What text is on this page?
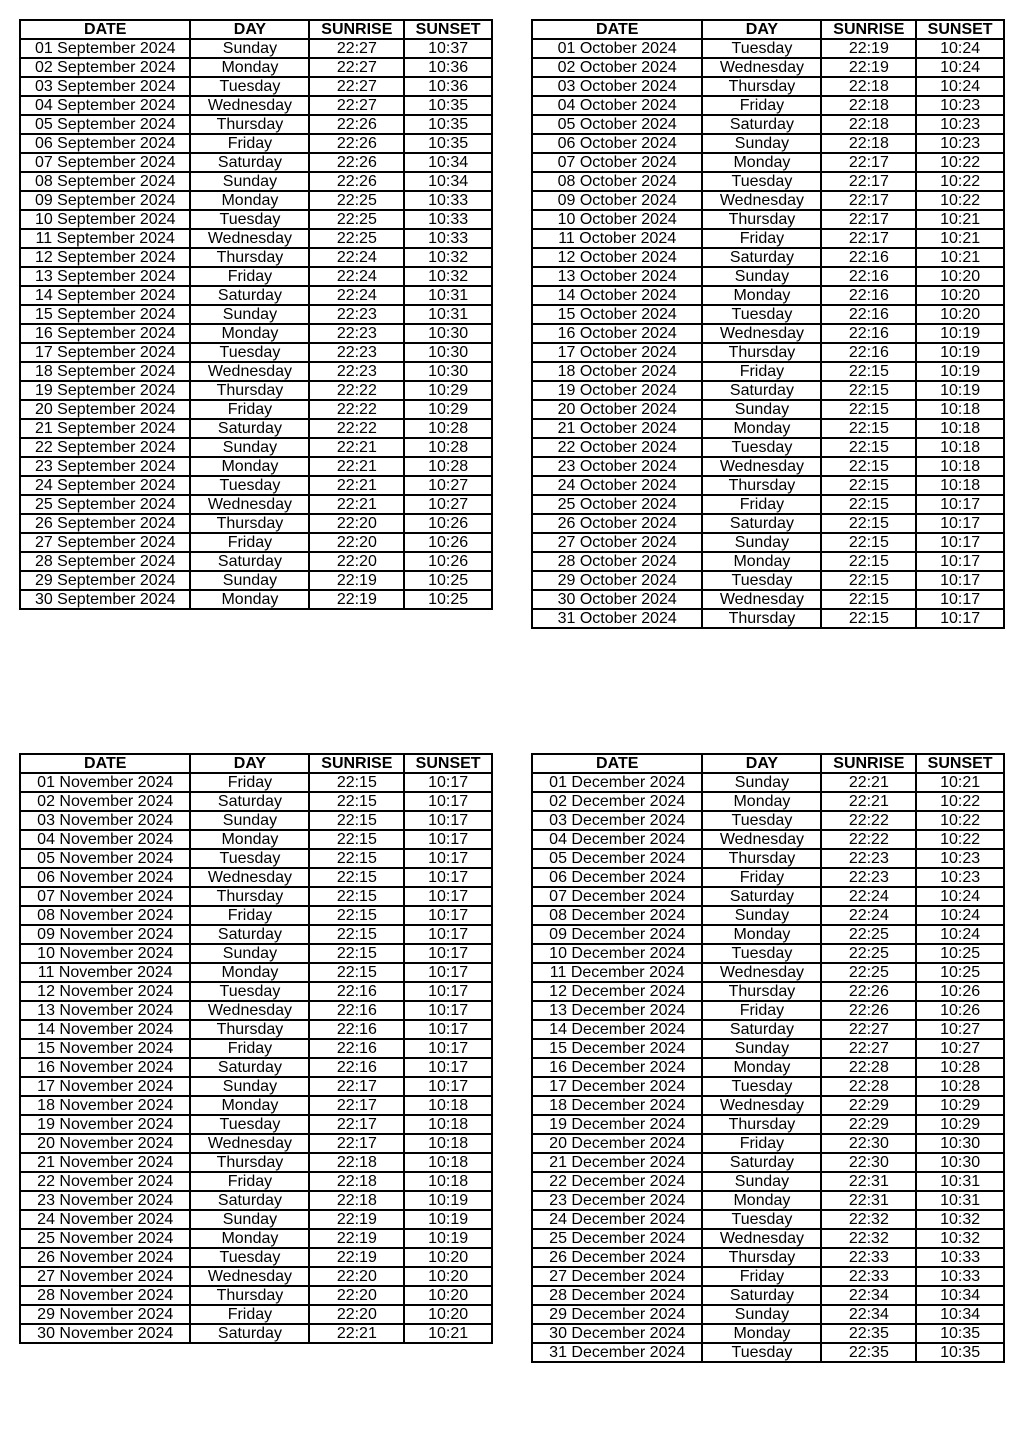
DATE	DAY	SUNRISE	SUNSET
01 September 2024	Sunday	22:27	10:37
02 September 2024	Monday	22:27	10:36
03 September 2024	Tuesday	22:27	10:36
04 September 2024	Wednesday	22:27	10:35
05 September 2024	Thursday	22:26	10:35
06 September 2024	Friday	22:26	10:35
07 September 2024	Saturday	22:26	10:34
08 September 2024	Sunday	22:26	10:34
09 September 2024	Monday	22:25	10:33
10 September 2024	Tuesday	22:25	10:33
11 September 2024	Wednesday	22:25	10:33
12 September 2024	Thursday	22:24	10:32
13 September 2024	Friday	22:24	10:32
14 September 2024	Saturday	22:24	10:31
15 September 2024	Sunday	22:23	10:31
16 September 2024	Monday	22:23	10:30
17 September 2024	Tuesday	22:23	10:30
18 September 2024	Wednesday	22:23	10:30
19 September 2024	Thursday	22:22	10:29
20 September 2024	Friday	22:22	10:29
21 September 2024	Saturday	22:22	10:28
22 September 2024	Sunday	22:21	10:28
23 September 2024	Monday	22:21	10:28
24 September 2024	Tuesday	22:21	10:27
25 September 2024	Wednesday	22:21	10:27
26 September 2024	Thursday	22:20	10:26
27 September 2024	Friday	22:20	10:26
28 September 2024	Saturday	22:20	10:26
29 September 2024	Sunday	22:19	10:25
30 September 2024	Monday	22:19	10:25
DATE	DAY	SUNRISE	SUNSET
01 October 2024	Tuesday	22:19	10:24
02 October 2024	Wednesday	22:19	10:24
03 October 2024	Thursday	22:18	10:24
04 October 2024	Friday	22:18	10:23
05 October 2024	Saturday	22:18	10:23
06 October 2024	Sunday	22:18	10:23
07 October 2024	Monday	22:17	10:22
08 October 2024	Tuesday	22:17	10:22
09 October 2024	Wednesday	22:17	10:22
10 October 2024	Thursday	22:17	10:21
11 October 2024	Friday	22:17	10:21
12 October 2024	Saturday	22:16	10:21
13 October 2024	Sunday	22:16	10:20
14 October 2024	Monday	22:16	10:20
15 October 2024	Tuesday	22:16	10:20
16 October 2024	Wednesday	22:16	10:19
17 October 2024	Thursday	22:16	10:19
18 October 2024	Friday	22:15	10:19
19 October 2024	Saturday	22:15	10:19
20 October 2024	Sunday	22:15	10:18
21 October 2024	Monday	22:15	10:18
22 October 2024	Tuesday	22:15	10:18
23 October 2024	Wednesday	22:15	10:18
24 October 2024	Thursday	22:15	10:18
25 October 2024	Friday	22:15	10:17
26 October 2024	Saturday	22:15	10:17
27 October 2024	Sunday	22:15	10:17
28 October 2024	Monday	22:15	10:17
29 October 2024	Tuesday	22:15	10:17
30 October 2024	Wednesday	22:15	10:17
31 October 2024	Thursday	22:15	10:17
DATE	DAY	SUNRISE	SUNSET
01 November 2024	Friday	22:15	10:17
02 November 2024	Saturday	22:15	10:17
03 November 2024	Sunday	22:15	10:17
04 November 2024	Monday	22:15	10:17
05 November 2024	Tuesday	22:15	10:17
06 November 2024	Wednesday	22:15	10:17
07 November 2024	Thursday	22:15	10:17
08 November 2024	Friday	22:15	10:17
09 November 2024	Saturday	22:15	10:17
10 November 2024	Sunday	22:15	10:17
11 November 2024	Monday	22:15	10:17
12 November 2024	Tuesday	22:16	10:17
13 November 2024	Wednesday	22:16	10:17
14 November 2024	Thursday	22:16	10:17
15 November 2024	Friday	22:16	10:17
16 November 2024	Saturday	22:16	10:17
17 November 2024	Sunday	22:17	10:17
18 November 2024	Monday	22:17	10:18
19 November 2024	Tuesday	22:17	10:18
20 November 2024	Wednesday	22:17	10:18
21 November 2024	Thursday	22:18	10:18
22 November 2024	Friday	22:18	10:18
23 November 2024	Saturday	22:18	10:19
24 November 2024	Sunday	22:19	10:19
25 November 2024	Monday	22:19	10:19
26 November 2024	Tuesday	22:19	10:20
27 November 2024	Wednesday	22:20	10:20
28 November 2024	Thursday	22:20	10:20
29 November 2024	Friday	22:20	10:20
30 November 2024	Saturday	22:21	10:21
DATE	DAY	SUNRISE	SUNSET
01 December 2024	Sunday	22:21	10:21
02 December 2024	Monday	22:21	10:22
03 December 2024	Tuesday	22:22	10:22
04 December 2024	Wednesday	22:22	10:22
05 December 2024	Thursday	22:23	10:23
06 December 2024	Friday	22:23	10:23
07 December 2024	Saturday	22:24	10:24
08 December 2024	Sunday	22:24	10:24
09 December 2024	Monday	22:25	10:24
10 December 2024	Tuesday	22:25	10:25
11 December 2024	Wednesday	22:25	10:25
12 December 2024	Thursday	22:26	10:26
13 December 2024	Friday	22:26	10:26
14 December 2024	Saturday	22:27	10:27
15 December 2024	Sunday	22:27	10:27
16 December 2024	Monday	22:28	10:28
17 December 2024	Tuesday	22:28	10:28
18 December 2024	Wednesday	22:29	10:29
19 December 2024	Thursday	22:29	10:29
20 December 2024	Friday	22:30	10:30
21 December 2024	Saturday	22:30	10:30
22 December 2024	Sunday	22:31	10:31
23 December 2024	Monday	22:31	10:31
24 December 2024	Tuesday	22:32	10:32
25 December 2024	Wednesday	22:32	10:32
26 December 2024	Thursday	22:33	10:33
27 December 2024	Friday	22:33	10:33
28 December 2024	Saturday	22:34	10:34
29 December 2024	Sunday	22:34	10:34
30 December 2024	Monday	22:35	10:35
31 December 2024	Tuesday	22:35	10:35
